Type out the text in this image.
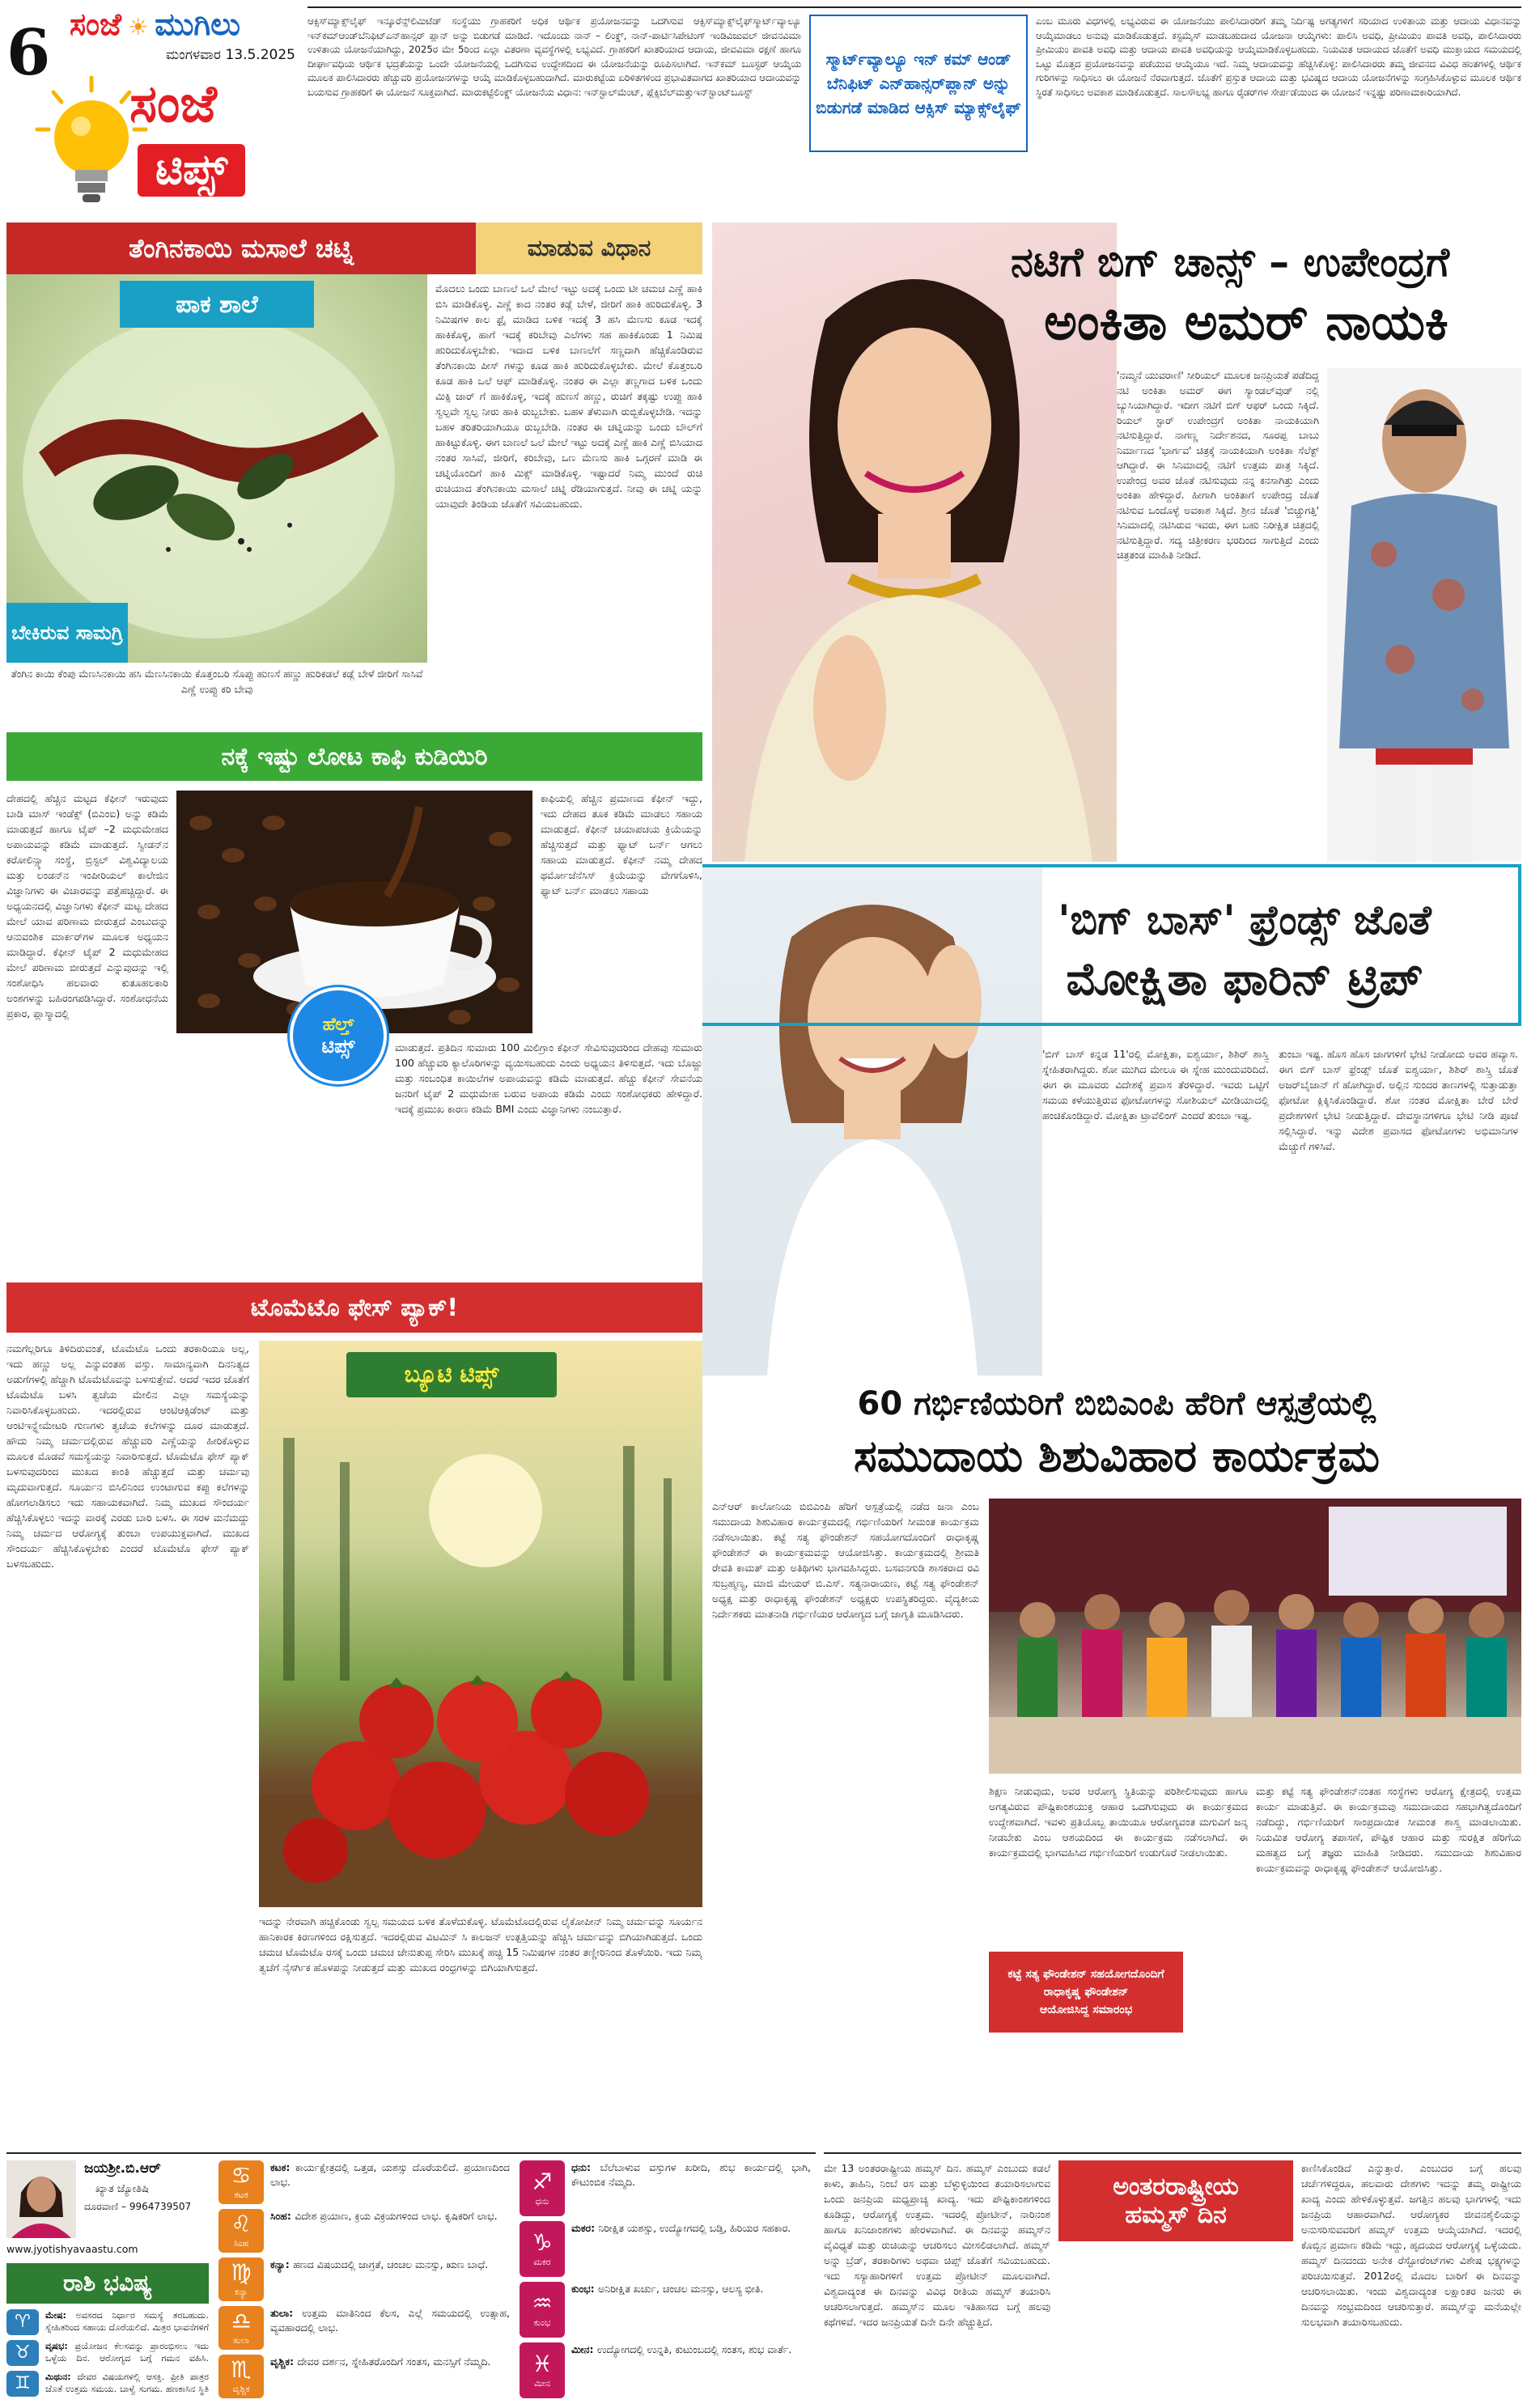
6 ಸಂಜೆ ☀ ಮುಗಿಲು
ಮಂಗಳವಾರ 13.5.2025
ಸಂಜೆ
ಟಿಪ್ಸ್
ಆಕ್ಸಿಸ್‌ಮ್ಯಾಕ್ಸ್‌ಲೈಫ್ ಇನ್ಶೂರೆನ್ಸ್‌ಲಿಮಿಟೆಡ್ ಸಂಸ್ಥೆಯು ಗ್ರಾಹಕರಿಗೆ ಅಧಿಕ ಆರ್ಥಿಕ ಪ್ರಯೋಜನವನ್ನು ಒದಗಿಸುವ ಆಕ್ಸಿಸ್‌ಮ್ಯಾಕ್ಸ್‌ಲೈಫ್‌ಸ್ಮಾರ್ಟ್‌ವ್ಯಾಲ್ಯೂ ಇನ್‌ಕಮ್‌ಆಂಡ್‌ಬೆನಿಫಿಟ್‌ಎನ್‌ಹಾನ್ಸರ್ ಪ್ಲಾನ್ ಅನ್ನು ಬಿಡುಗಡೆ ಮಾಡಿದೆ. ಇದೊಂದು ನಾನ್ – ಲಿಂಕ್ಡ್, ನಾನ್-ಪಾರ್ಟಿಸಿಪೇಟಿಂಗ್ ಇಂಡಿವಿಜುವಲ್ ಜೀವನವಿಮಾ ಉಳಿತಾಯ ಯೋಜನೆಯಾಗಿದ್ದು, 2025ರ ಮೇ 5ರಿಂದ ಎಲ್ಲಾ ವಿತರಣಾ ವ್ಯವಸ್ಥೆಗಳಲ್ಲಿ ಲಭ್ಯವಿದೆ. ಗ್ರಾಹಕರಿಗೆ ಖಾತರಿಯಾದ ಆದಾಯ, ಜೀವವಿಮಾ ರಕ್ಷಣೆ ಹಾಗೂ ದೀರ್ಘಾವಧಿಯ ಆರ್ಥಿಕ ಭದ್ರತೆಯನ್ನು ಒಂದೇ ಯೋಜನೆಯಲ್ಲಿ ಒದಗಿಸುವ ಉದ್ದೇಶದಿಂದ ಈ ಯೋಜನೆಯನ್ನು ರೂಪಿಸಲಾಗಿದೆ. ಇನ್‌ಕಮ್ ಬೂಸ್ಟರ್ ಆಯ್ಕೆಯ ಮೂಲಕ ಪಾಲಿಸಿದಾರರು ಹೆಚ್ಚುವರಿ ಪ್ರಯೋಜನಗಳನ್ನು ಆಯ್ಕೆ ಮಾಡಿಕೊಳ್ಳಬಹುದಾಗಿದೆ. ಮಾರುಕಟ್ಟೆಯ ಏರಿಳಿತಗಳಿಂದ ಪ್ರಭಾವಿತವಾಗದ ಖಾತರಿಯಾದ ಆದಾಯವನ್ನು ಬಯಸುವ ಗ್ರಾಹಕರಿಗೆ ಈ ಯೋಜನೆ ಸೂಕ್ತವಾಗಿದೆ. ಮಾರುಕಟ್ಟೆಲಿಂಕ್ಡ್ ಯೋಜನೆಯ ವಿಧಾನ: ಇನ್‌ಸ್ಟಾಲ್‌ಮೆಂಟ್, ಪ್ಲೆಕ್ಸಿಬೆಲ್‌ಮತ್ತುಇನ್‌ಸ್ಟಾಂಟ್‌ಬೂಸ್ಟ್
ಸ್ಮಾರ್ಟ್‌ವ್ಯಾಲ್ಯೂ ಇನ್ ಕಮ್ ಆಂಡ್ ಬೆನಿಫಿಟ್ ಎನ್‌ಹಾನ್ಸರ್‌ಪ್ಲಾನ್ ಅನ್ನು ಬಿಡುಗಡೆ ಮಾಡಿದ ಆಕ್ಸಿಸ್ ಮ್ಯಾಕ್ಸ್‌ಲೈಫ್
ಎಂಬ ಮೂರು ವಿಧಗಳಲ್ಲಿ ಲಭ್ಯವಿರುವ ಈ ಯೋಜನೆಯು ಪಾಲಿಸಿದಾರರಿಗೆ ತಮ್ಮ ನಿರ್ದಿಷ್ಟ ಅಗತ್ಯಗಳಿಗೆ ಸರಿಯಾದ ಉಳಿತಾಯ ಮತ್ತು ಆದಾಯ ವಿಧಾನವನ್ನು ಆಯ್ಕೆಮಾಡಲು ಅನುವು ಮಾಡಿಕೊಡುತ್ತದೆ. ಕಸ್ಟಮೈಸ್ ಮಾಡಬಹುದಾದ ಯೋಜನಾ ಆಯ್ಕೆಗಳು: ಪಾಲಿಸಿ ಅವಧಿ, ಪ್ರೀಮಿಯಂ ಪಾವತಿ ಅವಧಿ, ಪಾಲಿಸಿದಾರರು ಪ್ರೀಮಿಯಂ ಪಾವತಿ ಅವಧಿ ಮತ್ತು ಆದಾಯ ಪಾವತಿ ಅವಧಿಯನ್ನು ಆಯ್ಕೆಮಾಡಿಕೊಳ್ಳಬಹುದು. ನಿಯಮಿತ ಆದಾಯದ ಜೊತೆಗೆ ಅವಧಿ ಮುಕ್ತಾಯದ ಸಮಯದಲ್ಲಿ ಒಟ್ಟು ಮೊತ್ತದ ಪ್ರಯೋಜನವನ್ನು ಪಡೆಯುವ ಆಯ್ಕೆಯೂ ಇದೆ. ನಿಮ್ಮ ಆದಾಯವನ್ನು ಹೆಚ್ಚಿಸಿಕೊಳ್ಳಿ: ಪಾಲಿಸಿದಾರರು ತಮ್ಮ ಜೀವನದ ವಿವಿಧ ಹಂತಗಳಲ್ಲಿ ಆರ್ಥಿಕ ಗುರಿಗಳನ್ನು ಸಾಧಿಸಲು ಈ ಯೋಜನೆ ನೆರವಾಗುತ್ತದೆ. ಜೊತೆಗೆ ಪ್ರಸ್ತುತ ಆದಾಯ ಮತ್ತು ಭವಿಷ್ಯದ ಆದಾಯ ಯೋಜನೆಗಳನ್ನು ಸಂಗ್ರಹಿಸಿಕೊಳ್ಳುವ ಮೂಲಕ ಆರ್ಥಿಕ ಸ್ಥಿರತೆ ಸಾಧಿಸಲು ಅವಕಾಶ ಮಾಡಿಕೊಡುತ್ತದೆ. ಸಾಲಸೌಲಭ್ಯ ಹಾಗೂ ರೈಡರ್‌ಗಳ ಸೇರ್ಪಡೆಯಿಂದ ಈ ಯೋಜನೆ ಇನ್ನಷ್ಟು ಪರಿಣಾಮಕಾರಿಯಾಗಿದೆ.
ತೆಂಗಿನಕಾಯಿ ಮಸಾಲೆ ಚಟ್ನಿ	ಮಾಡುವ ವಿಧಾನ
ಪಾಕ ಶಾಲೆ
ಬೇಕಿರುವ ಸಾಮಗ್ರಿ
ತೆಂಗಿನ ಕಾಯಿ ಕೆಂಪು ಮೆಣಸಿನಕಾಯಿ ಹಸಿ ಮೆಣಸಿನಕಾಯಿ ಕೊತ್ತಂಬರಿ ಸೊಪ್ಪು ಹುಣಸೆ ಹಣ್ಣು ಹುರಿಕಡಲೆ ಕಡ್ಲೆ ಬೇಳೆ ಜೀರಿಗೆ ಸಾಸಿವೆ ಎಣ್ಣೆ ಉಪ್ಪು ಕರಿ ಬೇವು
ಮೊದಲು ಒಂದು ಬಾಣಲೆ ಒಲೆ ಮೇಲೆ ಇಟ್ಟು ಅದಕ್ಕೆ ಒಂದು ಟೀ ಚಮಚ ಎಣ್ಣೆ ಹಾಕಿ ಬಿಸಿ ಮಾಡಿಕೊಳ್ಳಿ. ಎಣ್ಣೆ ಕಾದ ನಂತರ ಕಡ್ಲೆ ಬೇಳೆ, ಜೀರಿಗೆ ಹಾಕಿ ಹುರಿದುಕೊಳ್ಳಿ. 3 ನಿಮಿಷಗಳ ಕಾಲ ಫ್ರೈ ಮಾಡಿದ ಬಳಿಕ ಇದಕ್ಕೆ 3 ಹಸಿ ಮೆಣಸು ಕೂಡ ಇದಕ್ಕೆ ಹಾಕಿಕೊಳ್ಳಿ, ಹಾಗೆ ಇದಕ್ಕೆ ಕರಿಬೇವು ಎಲೆಗಳು ಸಹ ಹಾಕಿಕೊಂಡು 1 ನಿಮಿಷ ಹುರಿದುಕೊಳ್ಳಬೇಕು. ಇದಾದ ಬಳಿಕ ಬಾಣಲೆಗೆ ಸಣ್ಣದಾಗಿ ಹೆಚ್ಚಿಕೊಂಡಿರುವ ತೆಂಗಿನಕಾಯಿ ಪೀಸ್ ಗಳನ್ನು ಕೂಡ ಹಾಕಿ ಹುರಿದುಕೊಳ್ಳಬೇಕು. ಮೇಲೆ ಕೊತ್ತಂಬರಿ ಕೂಡ ಹಾಕಿ ಒಲೆ ಆಫ್ ಮಾಡಿಕೊಳ್ಳಿ. ನಂತರ ಈ ಎಲ್ಲಾ ತಣ್ಣಗಾದ ಬಳಿಕ ಒಂದು ಮಿಕ್ಸಿ ಜಾರ್ ಗೆ ಹಾಕಿಕೊಳ್ಳಿ, ಇದಕ್ಕೆ ಹುಣಸೆ ಹಣ್ಣು, ರುಚಿಗೆ ತಕ್ಕಷ್ಟು ಉಪ್ಪು ಹಾಕಿ ಸ್ವಲ್ಪವೇ ಸ್ವಲ್ಪ ನೀರು ಹಾಕಿ ರುಬ್ಬಬೇಕು. ಬಹಳ ತೆಳುವಾಗಿ ರುಬ್ಬಿಕೊಳ್ಳಬೇಡಿ. ಇದನ್ನು ಬಹಳ ತರಿತರಿಯಾಗಿಯೂ ರುಬ್ಬಬೇಡಿ. ನಂತರ ಈ ಚಟ್ನಿಯನ್ನು ಒಂದು ಬೌಲ್‌ಗೆ ಹಾಕಿಟ್ಟುಕೊಳ್ಳಿ. ಈಗ ಬಾಣಲೆ ಒಲೆ ಮೇಲೆ ಇಟ್ಟು ಅದಕ್ಕೆ ಎಣ್ಣೆ ಹಾಕಿ ಎಣ್ಣೆ ಬಿಸಿಯಾದ ನಂತರ ಸಾಸಿವೆ, ಜೀರಿಗೆ, ಕರಿಬೇವು, ಒಣ ಮೆಣಸು ಹಾಕಿ ಒಗ್ಗರಣೆ ಮಾಡಿ ಈ ಚಟ್ನಿಯೊಂದಿಗೆ ಹಾಕಿ ಮಿಕ್ಸ್ ಮಾಡಿಕೊಳ್ಳಿ. ಇಷ್ಟಾದರೆ ನಿಮ್ಮ ಮುಂದೆ ರುಚಿ ರುಚಿಯಾದ ತೆಂಗಿನಕಾಯಿ ಮಸಾಲೆ ಚಟ್ನಿ ರೆಡಿಯಾಗುತ್ತದೆ. ನೀವು ಈ ಚಟ್ನಿ ಯನ್ನು ಯಾವುದೇ ತಿಂಡಿಯ ಜೊತೆಗೆ ಸವಿಯಬಹುದು.
ನಕ್ಕೆ ಇಷ್ಟು ಲೋಟ ಕಾಫಿ ಕುಡಿಯಿರಿ
ದೇಹದಲ್ಲಿ ಹೆಚ್ಚಿನ ಮಟ್ಟದ ಕೆಫೀನ್ ಇರುವುದು ಬಾಡಿ ಮಾಸ್ ಇಂಡೆಕ್ಸ್ (ಬಿಎಂಐ) ಅನ್ನು ಕಡಿಮೆ ಮಾಡುತ್ತದೆ ಹಾಗೂ ಟೈಪ್ –2 ಮಧುಮೇಹದ ಅಪಾಯವನ್ನು ಕಡಿಮೆ ಮಾಡುತ್ತದೆ. ಸ್ವೀಡನ್‌ನ ಕರೋಲಿನ್ಸ್ಕಾ ಸಂಸ್ಥೆ, ಬ್ರಿಸ್ಟಲ್ ವಿಶ್ವವಿದ್ಯಾಲಯ ಮತ್ತು ಲಂಡನ್‌ನ ಇಂಪೀರಿಯಲ್ ಕಾಲೇಜಿನ ವಿಜ್ಞಾನಿಗಳು ಈ ವಿಚಾರವನ್ನು ಪತ್ತೆಹಚ್ಚಿದ್ದಾರೆ. ಈ ಅಧ್ಯಯನದಲ್ಲಿ ವಿಜ್ಞಾನಿಗಳು ಕೆಫೀನ್ ಮಟ್ಟ ದೇಹದ ಮೇಲೆ ಯಾವ ಪರಿಣಾಮ ಬೀರುತ್ತದೆ ಎಂಬುದನ್ನು ಆನುವಂಶಿಕ ಮಾರ್ಕರ್‌ಗಳ ಮೂಲಕ ಅಧ್ಯಯನ ಮಾಡಿದ್ದಾರೆ. ಕೆಫೀನ್ ಟೈಪ್ 2 ಮಧುಮೇಹದ ಮೇಲೆ ಪರಿಣಾಮ ಬೀರುತ್ತದೆ ಎನ್ನುವುದನ್ನು ಇಲ್ಲಿ ಸಂಶೋಧಿಸಿ ಹಲವಾರು ಕುತೂಹಲಕಾರಿ ಅಂಶಗಳನ್ನು ಬಹಿರಂಗಪಡಿಸಿದ್ದಾರೆ. ಸಂಶೋಧನೆಯ ಪ್ರಕಾರ, ಪ್ಲಾಸ್ಮಾದಲ್ಲಿ
ಹೆಲ್ತ್
ಟಿಪ್ಸ್
ಕಾಫಿಯಲ್ಲಿ ಹೆಚ್ಚಿನ ಪ್ರಮಾಣದ ಕೆಫೀನ್ ಇದ್ದು, ಇದು ದೇಹದ ತೂಕ ಕಡಿಮೆ ಮಾಡಲು ಸಹಾಯ ಮಾಡುತ್ತದೆ. ಕೆಫೀನ್ ಚಯಾಪಚಯ ಕ್ರಿಯೆಯನ್ನು ಹೆಚ್ಚಿಸುತ್ತದೆ ಮತ್ತು ಫ್ಯಾಟ್ ಬರ್ನ್ ಆಗಲು ಸಹಾಯ ಮಾಡುತ್ತದೆ. ಕೆಫೀನ್ ನಮ್ಮ ದೇಹದ ಥರ್ಮೋಜೆನೆಸಿಸ್ ಕ್ರಿಯೆಯನ್ನು ವೇಗಗೊಳಿಸಿ, ಫ್ಯಾಟ್ ಬರ್ನ್ ಮಾಡಲು ಸಹಾಯ
ಮಾಡುತ್ತದೆ. ಪ್ರತಿದಿನ ಸುಮಾರು 100 ಮಿಲಿಗ್ರಾಂ ಕೆಫೀನ್ ಸೇವಿಸುವುದರಿಂದ ದೇಹವು ಸುಮಾರು 100 ಹೆಚ್ಚುವರಿ ಕ್ಯಾಲೊರಿಗಳನ್ನು ವ್ಯಯಿಸಬಹುದು ಎಂದು ಅಧ್ಯಯನ ತಿಳಿಸುತ್ತದೆ. ಇದು ಬೊಜ್ಜು ಮತ್ತು ಸಂಬಂಧಿತ ಕಾಯಿಲೆಗಳ ಅಪಾಯವನ್ನು ಕಡಿಮೆ ಮಾಡುತ್ತದೆ. ಹೆಚ್ಚು ಕೆಫೀನ್ ಸೇವನೆಯ ಜನರಿಗೆ ಟೈಪ್ 2 ಮಧುಮೇಹ ಬರುವ ಅಪಾಯ ಕಡಿಮೆ ಎಂದು ಸಂಶೋಧಕರು ಹೇಳಿದ್ದಾರೆ. ಇದಕ್ಕೆ ಪ್ರಮುಖ ಕಾರಣ ಕಡಿಮೆ BMI ಎಂದು ವಿಜ್ಞಾನಿಗಳು ನಂಬುತ್ತಾರೆ.
ಟೊಮೆಟೊ ಫೇಸ್ ಪ್ಯಾಕ್!
ನಮಗೆಲ್ಲರಿಗೂ ತಿಳಿದಿರುವಂತೆ, ಟೊಮೆಟೊ ಒಂದು ತರಕಾರಿಯೂ ಅಲ್ಲ, ಇದು ಹಣ್ಣು ಅಲ್ಲ ಎನ್ನುವಂತಹ ವಸ್ತು. ಸಾಮಾನ್ಯವಾಗಿ ದಿನನಿತ್ಯದ ಅಡುಗೆಗಳಲ್ಲಿ ಹೆಚ್ಚಾಗಿ ಟೊಮೆಟೊವನ್ನು ಬಳಸುತ್ತೇವೆ. ಆದರೆ ಇದರ ಜೊತೆಗೆ ಟೊಮೆಟೊ ಬಳಸಿ ತ್ವಚೆಯ ಮೇಲಿನ ಎಲ್ಲಾ ಸಮಸ್ಯೆಯನ್ನು ನಿವಾರಿಸಿಕೊಳ್ಳಬಹುದು. ಇದರಲ್ಲಿರುವ ಆಂಟಿಆಕ್ಸಿಡೆಂಟ್ ಮತ್ತು ಆಂಟಿಇನ್ಫ್ಲೇಮೇಟರಿ ಗುಣಗಳು ತ್ವಚೆಯ ಕಲೆಗಳನ್ನು ದೂರ ಮಾಡುತ್ತದೆ. ಹೌದು ನಿಮ್ಮ ಚರ್ಮದಲ್ಲಿರುವ ಹೆಚ್ಚುವರಿ ಎಣ್ಣೆಯನ್ನು ಹೀರಿಕೊಳ್ಳುವ ಮೂಲಕ ಮೊಡವೆ ಸಮಸ್ಯೆಯನ್ನು ನಿವಾರಿಸುತ್ತದೆ. ಟೊಮೆಟೊ ಫೇಸ್ ಪ್ಯಾಕ್ ಬಳಸುವುದರಿಂದ ಮುಖದ ಕಾಂತಿ ಹೆಚ್ಚುತ್ತದೆ ಮತ್ತು ಚರ್ಮವು ಮೃದುವಾಗುತ್ತದೆ. ಸೂರ್ಯನ ಬಿಸಿಲಿನಿಂದ ಉಂಟಾಗುವ ಕಪ್ಪು ಕಲೆಗಳನ್ನು ಹೋಗಲಾಡಿಸಲು ಇದು ಸಹಾಯಕವಾಗಿದೆ. ನಿಮ್ಮ ಮುಖದ ಸೌಂದರ್ಯ ಹೆಚ್ಚಿಸಿಕೊಳ್ಳಲು ಇದನ್ನು ವಾರಕ್ಕೆ ಎರಡು ಬಾರಿ ಬಳಸಿ. ಈ ಸರಳ ಮನೆಮದ್ದು ನಿಮ್ಮ ಚರ್ಮದ ಆರೋಗ್ಯಕ್ಕೆ ತುಂಬಾ ಉಪಯುಕ್ತವಾಗಿದೆ. ಮುಖದ ಸೌಂದರ್ಯ ಹೆಚ್ಚಿಸಿಕೊಳ್ಳಬೇಕು ಎಂದರೆ ಟೊಮೆಟೊ ಫೇಸ್ ಪ್ಯಾಕ್ ಬಳಸಬಹುದು.
ಬ್ಯೂಟಿ ಟಿಪ್ಸ್
ಇದನ್ನು ನೇರವಾಗಿ ಹಚ್ಚಿಕೊಂಡು ಸ್ವಲ್ಪ ಸಮಯದ ಬಳಿಕ ತೊಳೆದುಕೊಳ್ಳಿ. ಟೊಮೆಟೊದಲ್ಲಿರುವ ಲೈಕೋಪೀನ್ ನಿಮ್ಮ ಚರ್ಮವನ್ನು ಸೂರ್ಯನ ಹಾನಿಕಾರಕ ಕಿರಣಗಳಿಂದ ರಕ್ಷಿಸುತ್ತದೆ. ಇದರಲ್ಲಿರುವ ವಿಟಮಿನ್ ಸಿ ಕಾಲಜನ್ ಉತ್ಪತ್ತಿಯನ್ನು ಹೆಚ್ಚಿಸಿ ಚರ್ಮವನ್ನು ಬಿಗಿಯಾಗಿಡುತ್ತದೆ. ಒಂದು ಚಮಚ ಟೊಮೆಟೊ ರಸಕ್ಕೆ ಒಂದು ಚಮಚ ಜೇನುತುಪ್ಪ ಸೇರಿಸಿ ಮುಖಕ್ಕೆ ಹಚ್ಚಿ 15 ನಿಮಿಷಗಳ ನಂತರ ತಣ್ಣೀರಿನಿಂದ ತೊಳೆಯಿರಿ. ಇದು ನಿಮ್ಮ ತ್ವಚೆಗೆ ನೈಸರ್ಗಿಕ ಹೊಳಪನ್ನು ನೀಡುತ್ತದೆ ಮತ್ತು ಮುಖದ ರಂಧ್ರಗಳನ್ನು ಬಿಗಿಯಾಗಿಸುತ್ತದೆ.
ನಟಿಗೆ ಬಿಗ್ ಚಾನ್ಸ್ – ಉಪೇಂದ್ರಗೆ
ಅಂಕಿತಾ ಅಮರ್ ನಾಯಕಿ
'ನಮ್ಮನೆ ಯುವರಾಣಿ' ಸೀರಿಯಲ್ ಮೂಲಕ ಜನಪ್ರಿಯತೆ ಪಡೆದಿದ್ದ ನಟಿ ಅಂಕಿತಾ ಅಮರ್ ಈಗ ಸ್ಯಾಂಡಲ್‌ವುಡ್ ನಲ್ಲಿ ಬ್ಯುಸಿಯಾಗಿದ್ದಾರೆ. ಇದೀಗ ನಟಿಗೆ ಬಿಗ್ ಆಫರ್ ಒಂದು ಸಿಕ್ಕಿದೆ. ರಿಯಲ್ ಸ್ಟಾರ್ ಉಪೇಂದ್ರಗೆ ಅಂಕಿತಾ ನಾಯಕಿಯಾಗಿ ನಟಿಸುತ್ತಿದ್ದಾರೆ. ನಾಗಣ್ಣ ನಿರ್ದೇಶನದ, ಸೂರಪ್ಪ ಬಾಬು ನಿರ್ಮಾಣದ 'ಭಾರ್ಗವ' ಚಿತ್ರಕ್ಕೆ ನಾಯಕಿಯಾಗಿ ಅಂಕಿತಾ ಸೆಲೆಕ್ಟ್ ಆಗಿದ್ದಾರೆ. ಈ ಸಿನಿಮಾದಲ್ಲಿ ನಟಿಗೆ ಉತ್ತಮ ಪಾತ್ರ ಸಿಕ್ಕಿದೆ. ಉಪೇಂದ್ರ ಅವರ ಜೊತೆ ನಟಿಸುವುದು ನನ್ನ ಕನಸಾಗಿತ್ತು ಎಂದು ಅಂಕಿತಾ ಹೇಳಿದ್ದಾರೆ. ಹೀಗಾಗಿ ಅಂಕಿತಾಗೆ ಉಪೇಂದ್ರ ಜೊತೆ ನಟಿಸುವ ಒಂದೊಳ್ಳೆ ಅವಕಾಶ ಸಿಕ್ಕಿದೆ. ಶ್ರೀನ ಜೊತೆ 'ಬಿಚ್ಚುಗತ್ತಿ' ಸಿನಿಮಾದಲ್ಲಿ ನಟಿಸಿರುವ ಇವರು, ಈಗ ಬಹು ನಿರೀಕ್ಷಿತ ಚಿತ್ರದಲ್ಲಿ ನಟಿಸುತ್ತಿದ್ದಾರೆ. ಸದ್ಯ ಚಿತ್ರೀಕರಣ ಭರದಿಂದ ಸಾಗುತ್ತಿದೆ ಎಂದು ಚಿತ್ರತಂಡ ಮಾಹಿತಿ ನೀಡಿದೆ.
'ಬಿಗ್ ಬಾಸ್' ಫ್ರೆಂಡ್ಸ್ ಜೊತೆ
ಮೋಕ್ಷಿತಾ ಫಾರಿನ್ ಟ್ರಿಪ್
'ಬಿಗ್ ಬಾಸ್ ಕನ್ನಡ 11'ರಲ್ಲಿ ಮೋಕ್ಷಿತಾ, ಐಶ್ವರ್ಯಾ, ಶಿಶಿರ್ ಶಾಸ್ತ್ರಿ ಸ್ನೇಹಿತರಾಗಿದ್ದರು. ಶೋ ಮುಗಿದ ಮೇಲೂ ಈ ಸ್ನೇಹ ಮುಂದುವರಿದಿದೆ. ಈಗ ಈ ಮೂವರು ವಿದೇಶಕ್ಕೆ ಪ್ರವಾಸ ತೆರಳಿದ್ದಾರೆ. ಇವರು ಒಟ್ಟಿಗೆ ಸಮಯ ಕಳೆಯುತ್ತಿರುವ ಫೋಟೋಗಳನ್ನು ಸೋಶಿಯಲ್ ಮೀಡಿಯಾದಲ್ಲಿ ಹಂಚಿಕೊಂಡಿದ್ದಾರೆ. ಮೋಕ್ಷಿತಾ ಟ್ರಾವೆಲಿಂಗ್ ಎಂದರೆ ತುಂಬಾ ಇಷ್ಟ.
ತುಂಬಾ ಇಷ್ಟ. ಹೊಸ ಹೊಸ ಜಾಗಗಳಿಗೆ ಭೇಟಿ ನೀಡೋದು ಅವರ ಹವ್ಯಾಸ. ಈಗ ಬಿಗ್ ಬಾಸ್ ಫ್ರೆಂಡ್ಸ್ ಜೊತೆ ಐಶ್ವರ್ಯಾ, ಶಿಶಿರ್ ಶಾಸ್ತ್ರಿ ಜೊತೆ ಅಜರ್‌ಬೈಜಾನ್ ಗೆ ಹೋಗಿದ್ದಾರೆ. ಅಲ್ಲಿನ ಸುಂದರ ತಾಣಗಳಲ್ಲಿ ಸುತ್ತಾಡುತ್ತಾ ಫೋಟೋ ಕ್ಲಿಕ್ಕಿಸಿಕೊಂಡಿದ್ದಾರೆ. ಶೋ ನಂತರ ಮೋಕ್ಷಿತಾ ಬೇರೆ ಬೇರೆ ಪ್ರದೇಶಗಳಿಗೆ ಭೇಟಿ ನೀಡುತ್ತಿದ್ದಾರೆ. ದೇವಸ್ಥಾನಗಳಿಗೂ ಭೇಟಿ ನೀಡಿ ಪೂಜೆ ಸಲ್ಲಿಸಿದ್ದಾರೆ. ಇನ್ನು ವಿದೇಶ ಪ್ರವಾಸದ ಫೋಟೋಗಳು ಅಭಿಮಾನಿಗಳ ಮೆಚ್ಚುಗೆ ಗಳಿಸಿವೆ.
60 ಗರ್ಭಿಣಿಯರಿಗೆ ಬಿಬಿಎಂಪಿ ಹೆರಿಗೆ ಆಸ್ಪತ್ರೆಯಲ್ಲಿ
ಸಮುದಾಯ ಶಿಶುವಿಹಾರ ಕಾರ್ಯಕ್ರಮ
ಎನ್‌ಆರ್ ಕಾಲೋನಿಯ ಬಿಬಿಎಂಪಿ ಹೆರಿಗೆ ಆಸ್ಪತ್ರೆಯಲ್ಲಿ ನಡೆದ ಜನಾ ಎಂಬ ಸಮುದಾಯ ಶಿಶುವಿಹಾರ ಕಾರ್ಯಕ್ರಮದಲ್ಲಿ ಗರ್ಭಿಣಿಯರಿಗೆ ಸೀಮಂತ ಕಾರ್ಯಕ್ರಮ ನಡೆಸಲಾಯಿತು. ಕಟ್ಟೆ ಸತ್ಯ ಫೌಂಡೇಶನ್ ಸಹಯೋಗದೊಂದಿಗೆ ರಾಧಾಕೃಷ್ಣ ಫೌಂಡೇಶನ್ ಈ ಕಾರ್ಯಕ್ರಮವನ್ನು ಆಯೋಜಿಸಿತ್ತು. ಕಾರ್ಯಕ್ರಮದಲ್ಲಿ ಶ್ರೀಮತಿ ರೇವತಿ ಕಾಮತ್ ಮತ್ತು ಅತಿಥಿಗಳು ಭಾಗವಹಿಸಿದ್ದರು. ಬಸವನಗುಡಿ ಶಾಸಕರಾದ ರವಿ ಸುಬ್ರಹ್ಮಣ್ಯ, ಮಾಜಿ ಮೇಯರ್ ಬಿ.ಎಸ್. ಸತ್ಯನಾರಾಯಣ, ಕಟ್ಟೆ ಸತ್ಯ ಫೌಂಡೇಶನ್ ಅಧ್ಯಕ್ಷ ಮತ್ತು ರಾಧಾಕೃಷ್ಣ ಫೌಂಡೇಶನ್ ಅಧ್ಯಕ್ಷರು ಉಪಸ್ಥಿತರಿದ್ದರು. ವೈದ್ಯಕೀಯ ನಿರ್ದೇಶಕರು ಮಾತನಾಡಿ ಗರ್ಭಿಣಿಯರ ಆರೋಗ್ಯದ ಬಗ್ಗೆ ಜಾಗೃತಿ ಮೂಡಿಸಿದರು.
ಶಿಕ್ಷಣ ನೀಡುವುದು, ಅವರ ಆರೋಗ್ಯ ಸ್ಥಿತಿಯನ್ನು ಪರಿಶೀಲಿಸುವುದು ಹಾಗೂ ಅಗತ್ಯವಿರುವ ಪೌಷ್ಟಿಕಾಂಶಯುಕ್ತ ಆಹಾರ ಒದಗಿಸುವುದು ಈ ಕಾರ್ಯಕ್ರಮದ ಉದ್ದೇಶವಾಗಿದೆ. ಇವಳು ಪ್ರತಿಯೊಬ್ಬ ತಾಯಿಯೂ ಆರೋಗ್ಯವಂತ ಮಗುವಿಗೆ ಜನ್ಮ ನೀಡಬೇಕು ಎಂಬ ಆಶಯದಿಂದ ಈ ಕಾರ್ಯಕ್ರಮ ನಡೆಸಲಾಗಿದೆ. ಈ ಕಾರ್ಯಕ್ರಮದಲ್ಲಿ ಭಾಗವಹಿಸಿದ ಗರ್ಭಿಣಿಯರಿಗೆ ಉಡುಗೊರೆ ನೀಡಲಾಯಿತು.
ಕಟ್ಟೆ ಸತ್ಯ ಫೌಂಡೇಶನ್ ಸಹಯೋಗದೊಂದಿಗೆ
ರಾಧಾಕೃಷ್ಣ ಫೌಂಡೇಶನ್
ಆಯೋಜಿಸಿದ್ದ ಸಮಾರಂಭ
ಮತ್ತು ಕಟ್ಟೆ ಸತ್ಯ ಫೌಂಡೇಶನ್‌ನಂತಹ ಸಂಸ್ಥೆಗಳು ಆರೋಗ್ಯ ಕ್ಷೇತ್ರದಲ್ಲಿ ಉತ್ತಮ ಕಾರ್ಯ ಮಾಡುತ್ತಿವೆ. ಈ ಕಾರ್ಯಕ್ರಮವು ಸಮುದಾಯದ ಸಹಭಾಗಿತ್ವದೊಂದಿಗೆ ನಡೆದಿದ್ದು, ಗರ್ಭಿಣಿಯರಿಗೆ ಸಾಂಪ್ರದಾಯಿಕ ಸೀಮಂತ ಶಾಸ್ತ್ರ ಮಾಡಲಾಯಿತು. ನಿಯಮಿತ ಆರೋಗ್ಯ ತಪಾಸಣೆ, ಪೌಷ್ಟಿಕ ಆಹಾರ ಮತ್ತು ಸುರಕ್ಷಿತ ಹೆರಿಗೆಯ ಮಹತ್ವದ ಬಗ್ಗೆ ತಜ್ಞರು ಮಾಹಿತಿ ನೀಡಿದರು. ಸಮುದಾಯ ಶಿಶುವಿಹಾರ ಕಾರ್ಯಕ್ರಮವನ್ನು ರಾಧಾಕೃಷ್ಣ ಫೌಂಡೇಶನ್ ಆಯೋಜಿಸಿತ್ತು.
ಜಯಶ್ರೀ.ಬಿ.ಆರ್
ಖ್ಯಾತ ಜ್ಯೋತಿಷಿ
ದೂರವಾಣಿ – 9964739507
www.jyotishyavaastu.com
ರಾಶಿ ಭವಿಷ್ಯ
♈ ಮೇಷ: ಅವಸರದ ನಿರ್ಧಾರ ಸಮಸ್ಯೆ ತರಬಹುದು. ಸ್ನೇಹಿತರಿಂದ ಸಹಾಯ ದೊರೆಯಲಿದೆ. ಮಿತ್ರರ ಭಾವನೆಗಳಿಗೆ
♉ ವೃಷಭ: ಪ್ರಯೋಜನ ಕೆಲಸವನ್ನು ಪ್ರಾರಂಭಿಸಲು ಇದು ಒಳ್ಳೆಯ ದಿನ. ಆರೋಗ್ಯದ ಬಗ್ಗೆ ಗಮನ ವಹಿಸಿ.
♊ ಮಿಥುನ: ದೇವರ ವಿಷಯಗಳಲ್ಲಿ ಆಸಕ್ತಿ. ಪ್ರೀತಿ ಪಾತ್ರರ ಜೊತೆ ಉತ್ತಮ ಸಮಯ. ಬಾಳ್ವೆ ಸುಗಮ. ಹಣಕಾಸಿನ ಸ್ಥಿತಿ
♋
ಕಟಕ
ಕಟಕ: ಕಾರ್ಯಕ್ಷೇತ್ರದಲ್ಲಿ ಒತ್ತಡ, ಯಶಸ್ಸು ದೊರೆಯಲಿದೆ. ಪ್ರಯಾಣದಿಂದ ಲಾಭ.
♌
ಸಿಂಹ
ಸಿಂಹ: ವಿದೇಶ ಪ್ರಯಾಣ, ಕ್ರಯ ವಿಕ್ರಯಗಳಿಂದ ಲಾಭ. ಕೃಷಿಕರಿಗೆ ಲಾಭ.
♍
ಕನ್ಯಾ
ಕನ್ಯಾ: ಹಣದ ವಿಷಯದಲ್ಲಿ ಜಾಗ್ರತೆ, ಚಂಚಲ ಮನಸ್ಸು, ಋಣ ಬಾಧೆ.
♎
ತುಲಾ
ತುಲಾ: ಉತ್ತಮ ಮಾತಿನಿಂದ ಕೆಲಸ, ಎಲ್ಲೆ ಸಮಯದಲ್ಲಿ ಉತ್ಸಾಹ, ವ್ಯವಹಾರದಲ್ಲಿ ಲಾಭ.
♏
ವೃಶ್ಚಿಕ
ವೃಶ್ಚಿಕ: ದೇವರ ದರ್ಶನ, ಸ್ನೇಹಿತರೊಂದಿಗೆ ಸಂತಸ, ಮನಸ್ಸಿಗೆ ನೆಮ್ಮದಿ.
♐
ಧನು
ಧನು: ಬೆಲೆಬಾಳುವ ವಸ್ತುಗಳ ಖರೀದಿ, ಶುಭ ಕಾರ್ಯದಲ್ಲಿ ಭಾಗಿ, ಕೌಟುಂಬಿಕ ನೆಮ್ಮದಿ.
♑
ಮಕರ
ಮಕರ: ನಿರೀಕ್ಷಿತ ಯಶಸ್ಸು, ಉದ್ಯೋಗದಲ್ಲಿ ಬಡ್ತಿ, ಹಿರಿಯರ ಸಹಕಾರ.
♒
ಕುಂಭ
ಕುಂಭ: ಅನಿರೀಕ್ಷಿತ ಖರ್ಚು, ಚಂಚಲ ಮನಸ್ಸು, ಆಲಸ್ಯ ಭೀತಿ.
♓
ಮೀನ
ಮೀನ: ಉದ್ಯೋಗದಲ್ಲಿ ಉನ್ನತಿ, ಕುಟುಂಬದಲ್ಲಿ ಸಂತಸ, ಶುಭ ವಾರ್ತೆ.
ಮೇ 13 ಅಂತರರಾಷ್ಟ್ರೀಯ ಹಮ್ಮಸ್ ದಿನ. ಹಮ್ಮಸ್ ಎಂಬುದು ಕಡಲೆ ಕಾಳು, ತಾಹಿನಿ, ನಿಂಬೆ ರಸ ಮತ್ತು ಬೆಳ್ಳುಳ್ಳಿಯಿಂದ ತಯಾರಿಸಲಾಗುವ ಒಂದು ಜನಪ್ರಿಯ ಮಧ್ಯಪ್ರಾಚ್ಯ ಖಾದ್ಯ. ಇದು ಪೌಷ್ಟಿಕಾಂಶಗಳಿಂದ ಕೂಡಿದ್ದು, ಆರೋಗ್ಯಕ್ಕೆ ಉತ್ತಮ. ಇದರಲ್ಲಿ ಪ್ರೋಟೀನ್, ನಾರಿನಂಶ ಹಾಗೂ ಖನಿಜಾಂಶಗಳು ಹೇರಳವಾಗಿವೆ. ಈ ದಿನವನ್ನು ಹಮ್ಮಸ್‌ನ ವೈವಿಧ್ಯತೆ ಮತ್ತು ರುಚಿಯನ್ನು ಆಚರಿಸಲು ಮೀಸಲಿಡಲಾಗಿದೆ. ಹಮ್ಮಸ್ ಅನ್ನು ಬ್ರೆಡ್, ತರಕಾರಿಗಳು ಅಥವಾ ಚಿಪ್ಸ್ ಜೊತೆಗೆ ಸವಿಯಬಹುದು. ಇದು ಸಸ್ಯಾಹಾರಿಗಳಿಗೆ ಉತ್ತಮ ಪ್ರೋಟೀನ್ ಮೂಲವಾಗಿದೆ. ವಿಶ್ವದಾದ್ಯಂತ ಈ ದಿನವನ್ನು ವಿವಿಧ ರೀತಿಯ ಹಮ್ಮಸ್ ತಯಾರಿಸಿ ಆಚರಿಸಲಾಗುತ್ತದೆ. ಹಮ್ಮಸ್‌ನ ಮೂಲ ಇತಿಹಾಸದ ಬಗ್ಗೆ ಹಲವು ಕಥೆಗಳಿವೆ. ಇದರ ಜನಪ್ರಿಯತೆ ದಿನೇ ದಿನೇ ಹೆಚ್ಚುತ್ತಿದೆ.
ಅಂತರರಾಷ್ಟ್ರೀಯ
ಹಮ್ಮಸ್ ದಿನ
ಕಾಣಿಸಿಕೊಂಡಿದೆ ಎನ್ನುತ್ತಾರೆ. ಎಂಬುದರ ಬಗ್ಗೆ ಹಲವು ಚರ್ಚೆಗಳಿದ್ದರೂ, ಹಲವಾರು ದೇಶಗಳು ಇದನ್ನು ತಮ್ಮ ರಾಷ್ಟ್ರೀಯ ಖಾದ್ಯ ಎಂದು ಹೇಳಿಕೊಳ್ಳುತ್ತವೆ. ಜಗತ್ತಿನ ಹಲವು ಭಾಗಗಳಲ್ಲಿ ಇದು ಜನಪ್ರಿಯ ಆಹಾರವಾಗಿದೆ. ಆರೋಗ್ಯಕರ ಜೀವನಶೈಲಿಯನ್ನು ಅನುಸರಿಸುವವರಿಗೆ ಹಮ್ಮಸ್ ಉತ್ತಮ ಆಯ್ಕೆಯಾಗಿದೆ. ಇದರಲ್ಲಿ ಕೊಬ್ಬಿನ ಪ್ರಮಾಣ ಕಡಿಮೆ ಇದ್ದು, ಹೃದಯದ ಆರೋಗ್ಯಕ್ಕೆ ಒಳ್ಳೆಯದು. ಹಮ್ಮಸ್ ದಿನದಂದು ಅನೇಕ ರೆಸ್ಟೋರೆಂಟ್‌ಗಳು ವಿಶೇಷ ಭಕ್ಷ್ಯಗಳನ್ನು ಪರಿಚಯಿಸುತ್ತವೆ. 2012ರಲ್ಲಿ ಮೊದಲ ಬಾರಿಗೆ ಈ ದಿನವನ್ನು ಆಚರಿಸಲಾಯಿತು. ಇಂದು ವಿಶ್ವದಾದ್ಯಂತ ಲಕ್ಷಾಂತರ ಜನರು ಈ ದಿನವನ್ನು ಸಂಭ್ರಮದಿಂದ ಆಚರಿಸುತ್ತಾರೆ. ಹಮ್ಮಸ್‌ನ್ನು ಮನೆಯಲ್ಲೇ ಸುಲಭವಾಗಿ ತಯಾರಿಸಬಹುದು.
